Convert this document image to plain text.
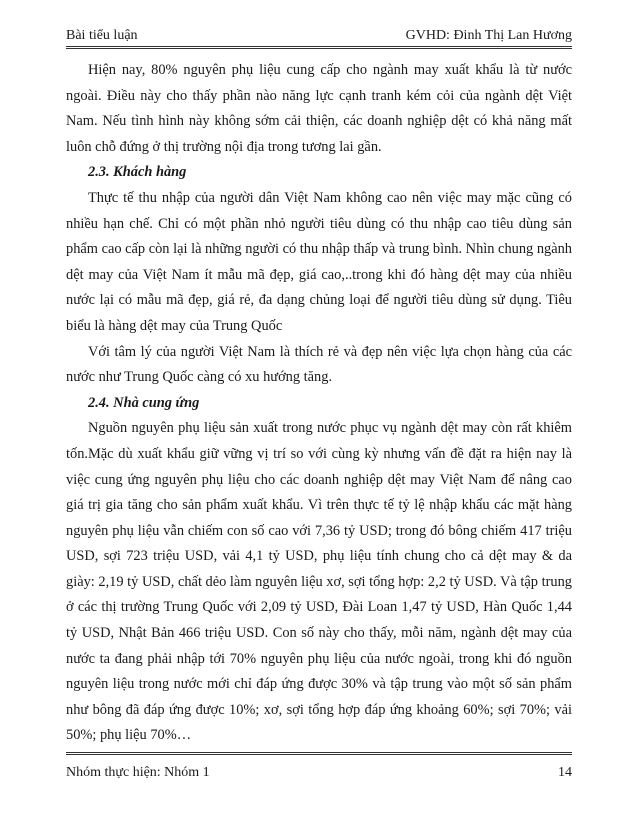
Bài tiểu luận	GVHD: Đinh Thị Lan Hương

Hiện nay, 80% nguyên phụ liệu cung cấp cho ngành may xuất khẩu là từ nước ngoài. Điều này cho thấy phần nào năng lực cạnh tranh kém cỏi của ngành dệt Việt Nam. Nếu tình hình này không sớm cải thiện, các doanh nghiệp dệt có khả năng mất luôn chỗ đứng ở thị trường nội địa trong tương lai gần.

2.3. Khách hàng

Thực tế thu nhập của người dân Việt Nam không cao nên việc may mặc cũng có nhiều hạn chế. Chỉ có một phần nhỏ người tiêu dùng có thu nhập cao tiêu dùng sản phẩm cao cấp còn lại là những người có thu nhập thấp và trung bình. Nhìn chung ngành dệt may của Việt Nam ít mẫu mã đẹp, giá cao,..trong khi đó hàng dệt may của nhiều nước lại có mẫu mã đẹp, giá rẻ, đa dạng chủng loại để người tiêu dùng sử dụng. Tiêu biểu là hàng dệt may của Trung Quốc

Với tâm lý của người Việt Nam là thích rẻ và đẹp nên việc lựa chọn hàng của các nước như Trung Quốc càng có xu hướng tăng.

2.4. Nhà cung ứng

Nguồn nguyên phụ liệu sản xuất trong nước phục vụ ngành dệt may còn rất khiêm tốn.Mặc dù xuất khẩu giữ vững vị trí so với cùng kỳ nhưng vấn đề đặt ra hiện nay là việc cung ứng nguyên phụ liệu cho các doanh nghiệp dệt may Việt Nam để nâng cao giá trị gia tăng cho sản phẩm xuất khẩu. Vì trên thực tế tỷ lệ nhập khẩu các mặt hàng nguyên phụ liệu vẫn chiếm con số cao với 7,36 tỷ USD; trong đó bông chiếm 417 triệu USD, sợi 723 triệu USD, vải 4,1 tỷ USD, phụ liệu tính chung cho cả dệt may & da giày: 2,19 tỷ USD, chất dẻo làm nguyên liệu xơ, sợi tổng hợp: 2,2 tỷ USD. Và tập trung ở các thị trường Trung Quốc với 2,09 tỷ USD, Đài Loan 1,47 tỷ USD, Hàn Quốc 1,44 tỷ USD, Nhật Bản 466 triệu USD. Con số này cho thấy, mỗi năm, ngành dệt may của nước ta đang phải nhập tới 70% nguyên phụ liệu của nước ngoài, trong khi đó nguồn nguyên liệu trong nước mới chỉ đáp ứng được 30% và tập trung vào một số sản phẩm như bông đã đáp ứng được 10%; xơ, sợi tổng hợp đáp ứng khoảng 60%; sợi 70%; vải 50%; phụ liệu 70%…

Nhóm thực hiện: Nhóm 1	14
